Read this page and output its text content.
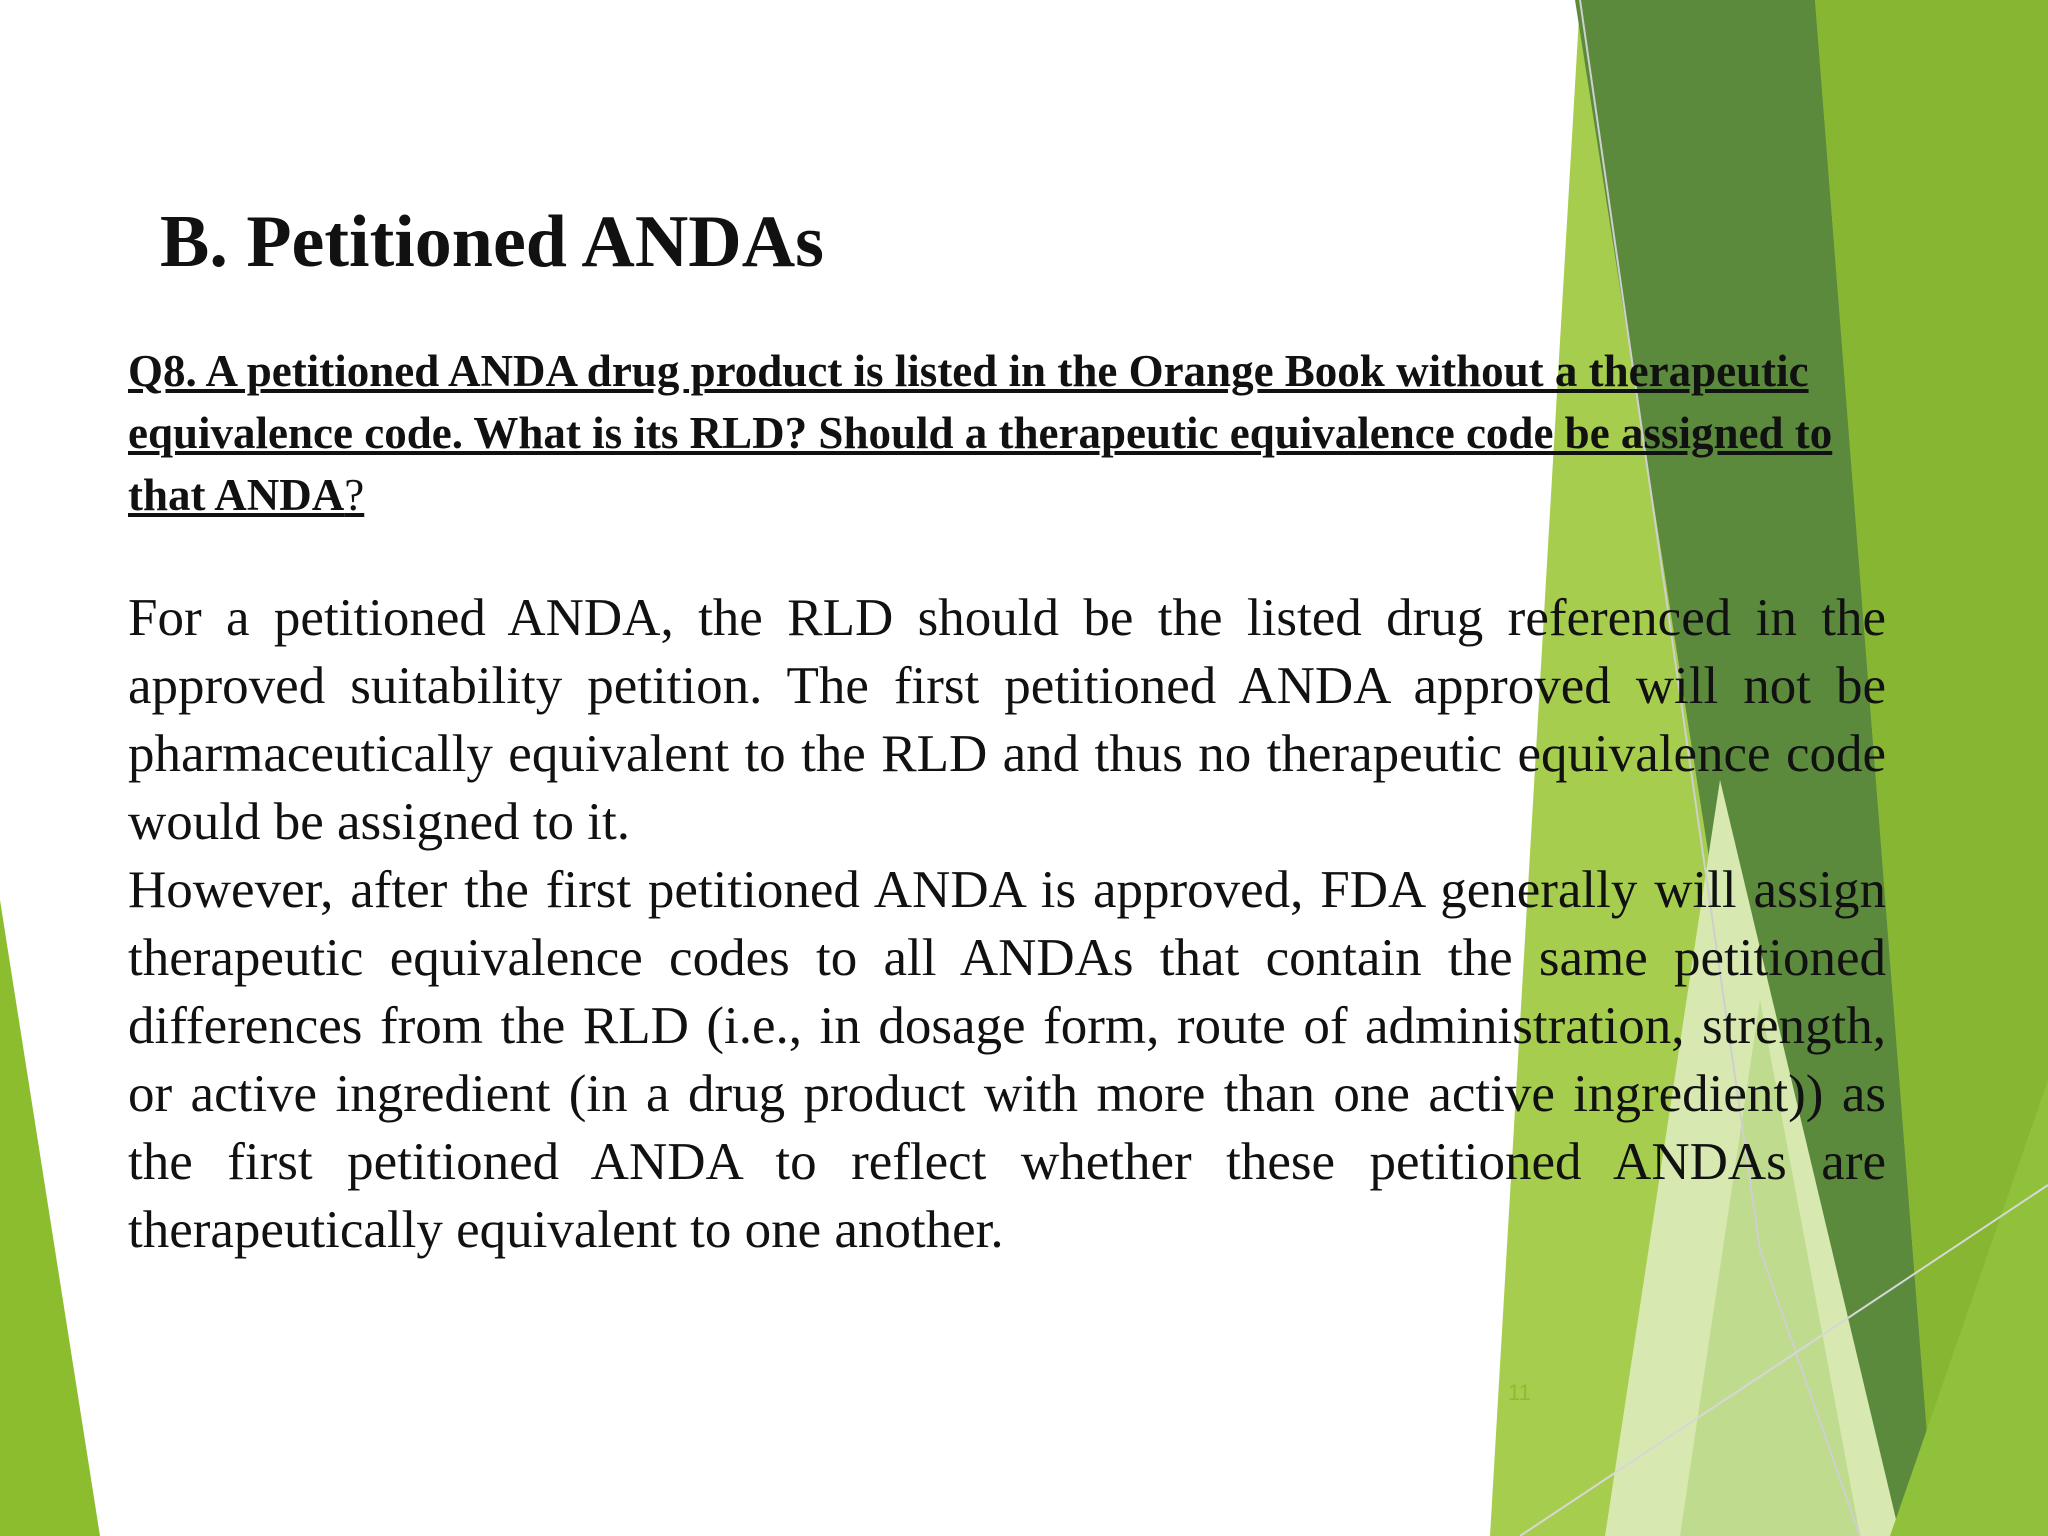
B. Petitioned ANDAs
Q8. A petitioned ANDA drug product is listed in the Orange Book without a therapeutic equivalence code. What is its RLD? Should a therapeutic equivalence code be assigned to that ANDA?

For a petitioned ANDA, the RLD should be the listed drug referenced in the approved suitability petition. The first petitioned ANDA approved will not be pharmaceutically equivalent to the RLD and thus no therapeutic equivalence code would be assigned to it.

However, after the first petitioned ANDA is approved, FDA generally will assign therapeutic equivalence codes to all ANDAs that contain the same petitioned differences from the RLD (i.e., in dosage form, route of administration, strength, or active ingredient (in a drug product with more than one active ingredient)) as the first petitioned ANDA to reflect whether these petitioned ANDAs are therapeutically equivalent to one another.

11
